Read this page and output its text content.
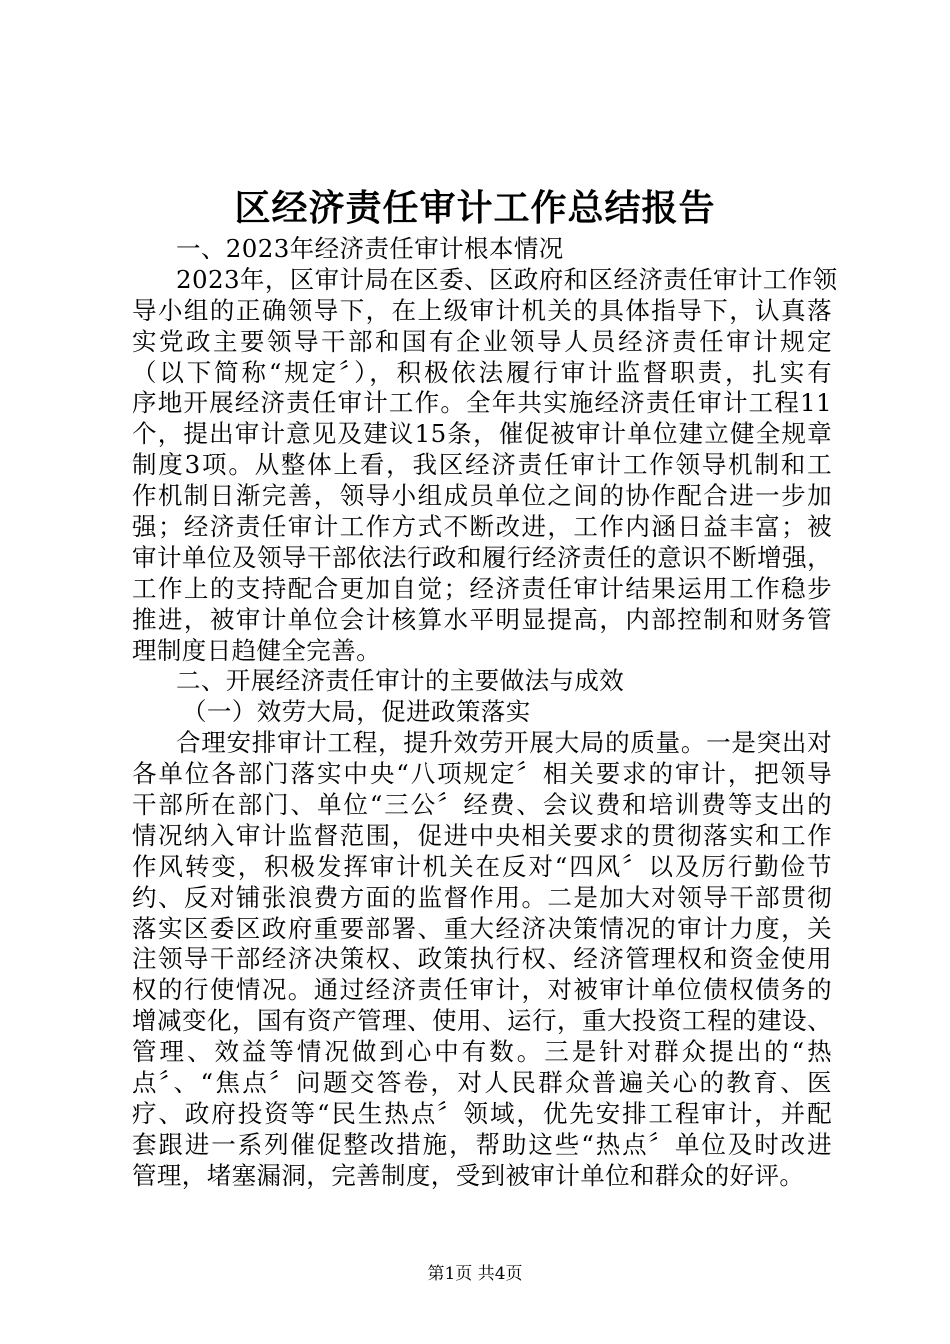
区经济责任审计工作总结报告
一、2023年经济责任审计根本情况
2023年，区审计局在区委、区政府和区经济责任审计工作领
导小组的正确领导下，在上级审计机关的具体指导下，认真落
实党政主要领导干部和国有企业领导人员经济责任审计规定
（以下简称“规定〞），积极依法履行审计监督职责，扎实有
序地开展经济责任审计工作。全年共实施经济责任审计工程11
个，提出审计意见及建议15条，催促被审计单位建立健全规章
制度3项。从整体上看，我区经济责任审计工作领导机制和工
作机制日渐完善，领导小组成员单位之间的协作配合进一步加
强；经济责任审计工作方式不断改进，工作内涵日益丰富；被
审计单位及领导干部依法行政和履行经济责任的意识不断增强，
工作上的支持配合更加自觉；经济责任审计结果运用工作稳步
推进，被审计单位会计核算水平明显提高，内部控制和财务管
理制度日趋健全完善。
二、开展经济责任审计的主要做法与成效
（一）效劳大局，促进政策落实
合理安排审计工程，提升效劳开展大局的质量。一是突出对
各单位各部门落实中央“八项规定〞相关要求的审计，把领导
干部所在部门、单位“三公〞经费、会议费和培训费等支出的
情况纳入审计监督范围，促进中央相关要求的贯彻落实和工作
作风转变，积极发挥审计机关在反对“四风〞以及厉行勤俭节
约、反对铺张浪费方面的监督作用。二是加大对领导干部贯彻
落实区委区政府重要部署、重大经济决策情况的审计力度，关
注领导干部经济决策权、政策执行权、经济管理权和资金使用
权的行使情况。通过经济责任审计，对被审计单位债权债务的
增减变化，国有资产管理、使用、运行，重大投资工程的建设、
管理、效益等情况做到心中有数。三是针对群众提出的“热
点〞、“焦点〞问题交答卷，对人民群众普遍关心的教育、医
疗、政府投资等“民生热点〞领域，优先安排工程审计，并配
套跟进一系列催促整改措施，帮助这些“热点〞单位及时改进
管理，堵塞漏洞，完善制度，受到被审计单位和群众的好评。
第1页 共4页
